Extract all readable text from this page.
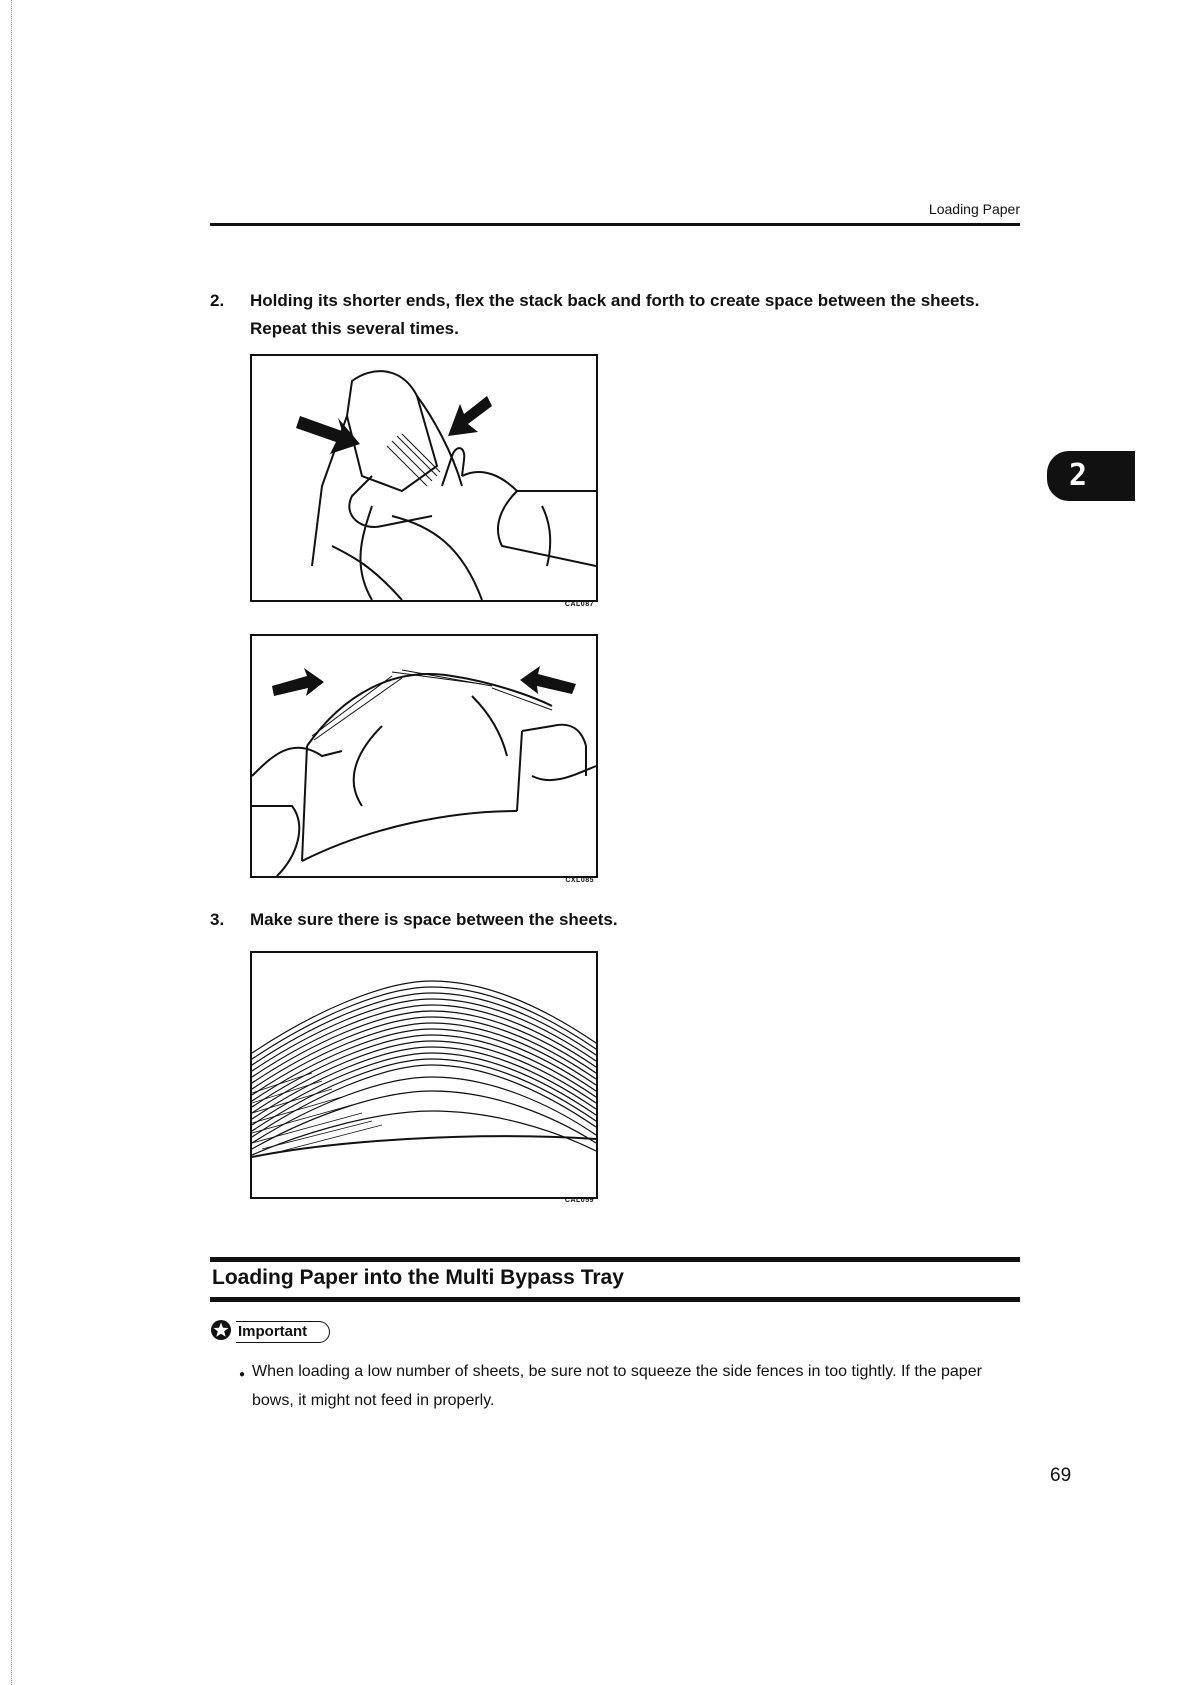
Loading Paper
2.	Holding its shorter ends, flex the stack back and forth to create space between the sheets. Repeat this several times.
CAL087
CXL085
3.	Make sure there is space between the sheets.
CAL059
2
Loading Paper into the Multi Bypass Tray
Important
● When loading a low number of sheets, be sure not to squeeze the side fences in too tightly. If the paper bows, it might not feed in properly.
69
